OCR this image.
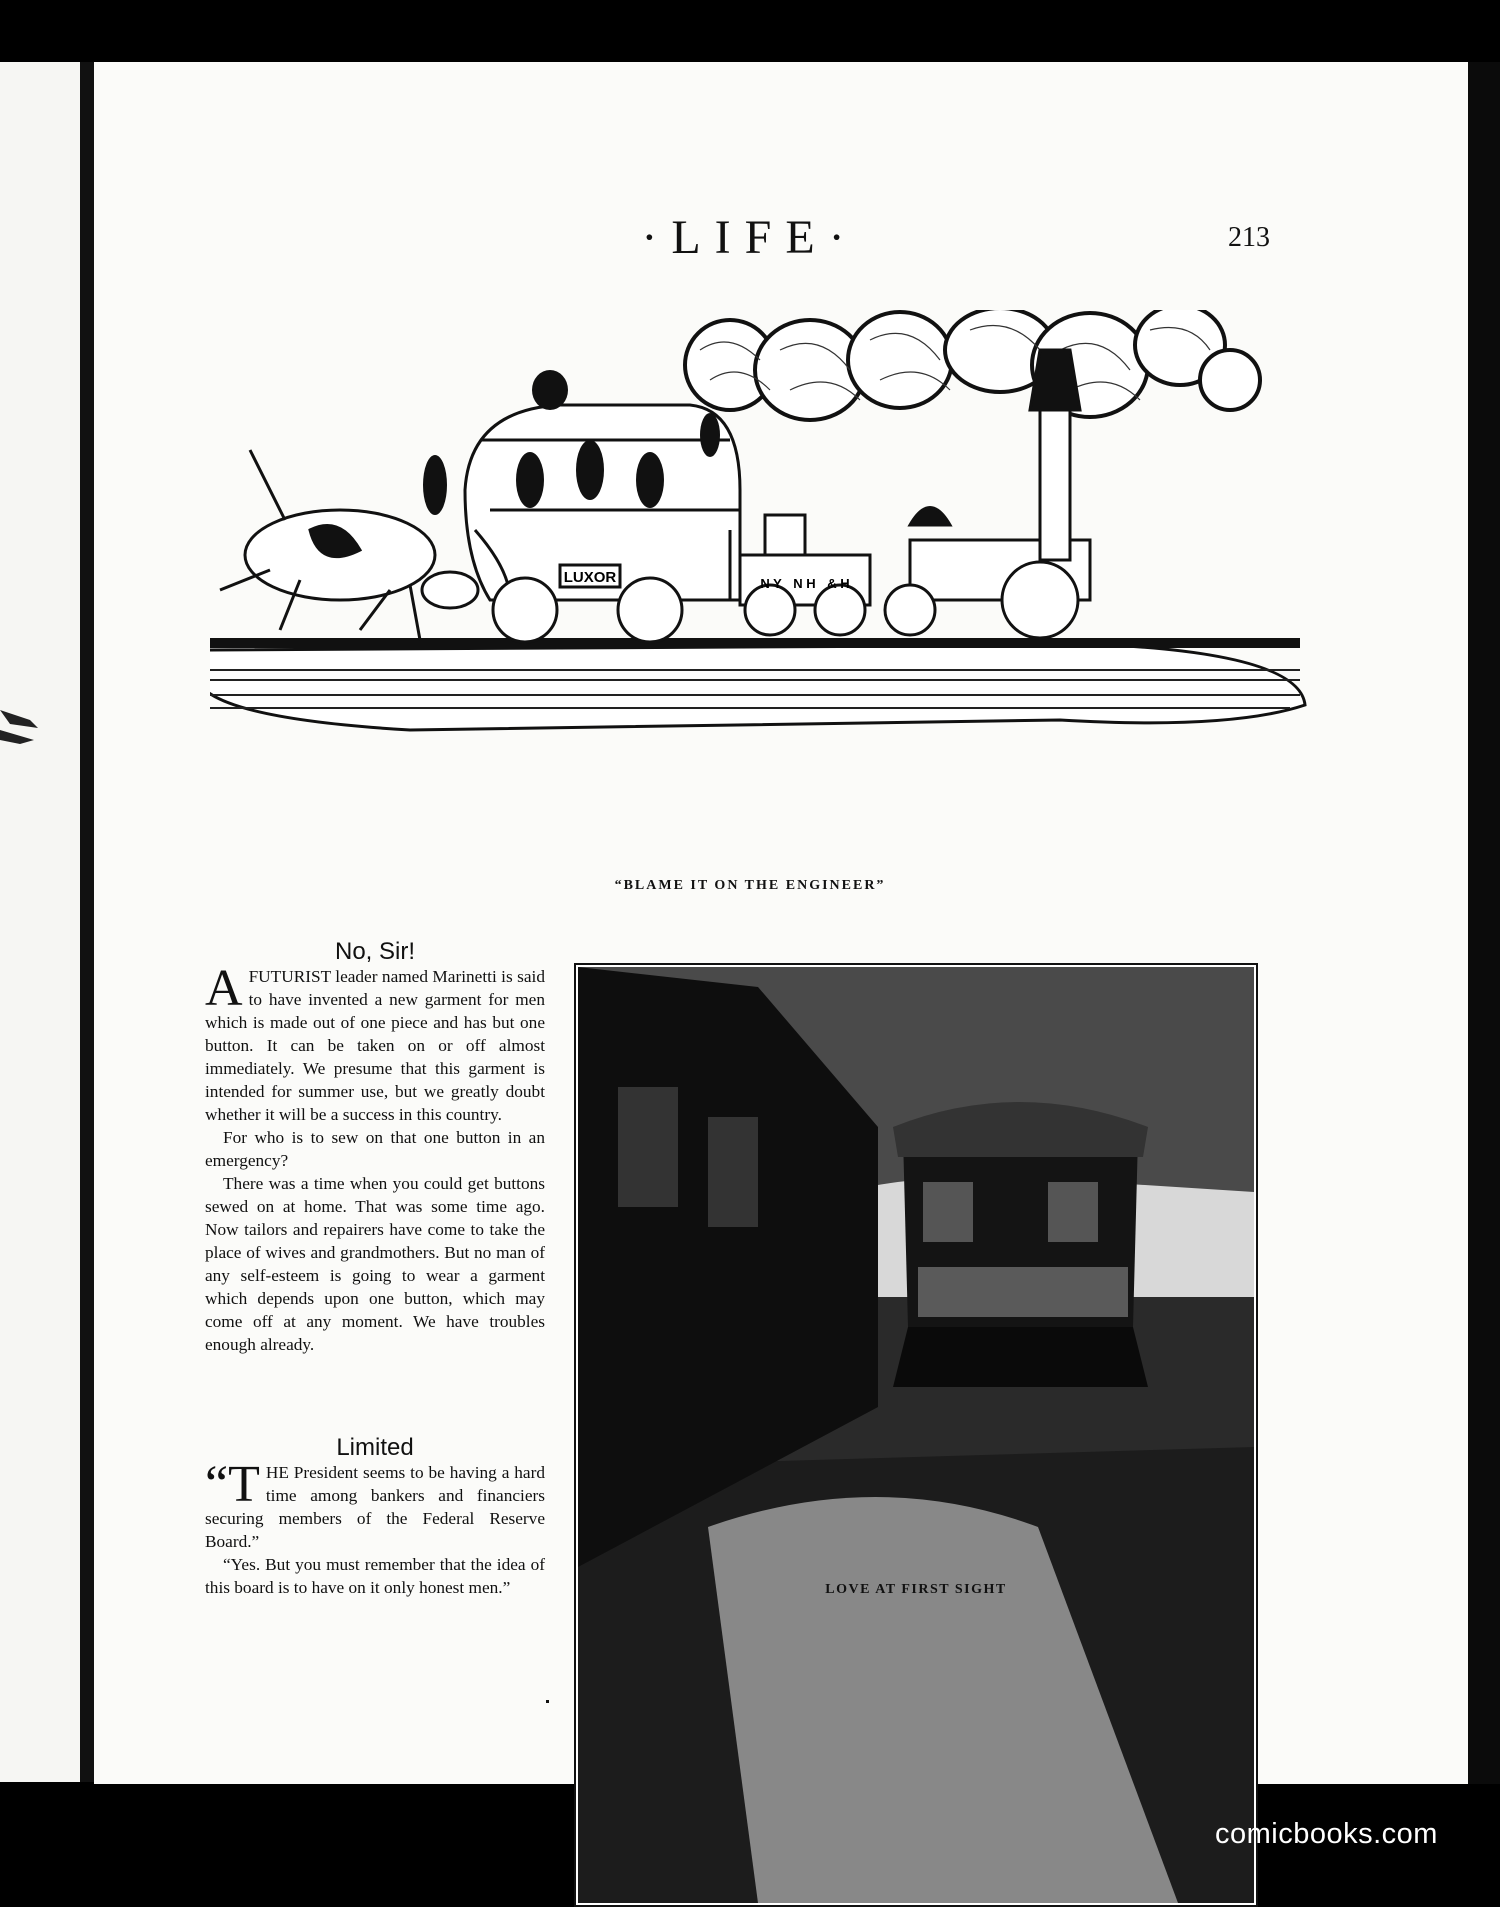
·LIFE·	213
LUXOR	N Y N H & H
“BLAME IT ON THE ENGINEER”
No, Sir!

AFUTURIST leader named Marinetti is said to have invented a new garment for men which is made out of one piece and has but one button. It can be taken on or off almost immediately. We presume that this garment is intended for summer use, but we greatly doubt whether it will be a success in this country.

For who is to sew on that one button in an emergency?

There was a time when you could get buttons sewed on at home. That was some time ago. Now tailors and repairers have come to take the place of wives and grandmothers. But no man of any self-esteem is going to wear a garment which depends upon one button, which may come off at any moment. We have troubles enough already.

Limited

“THE President seems to be having a hard time among bankers and financiers securing members of the Federal Reserve Board.”

“Yes. But you must remember that the idea of this board is to have on it only honest men.”	LOVE AT FIRST SIGHT
comicbooks.com
